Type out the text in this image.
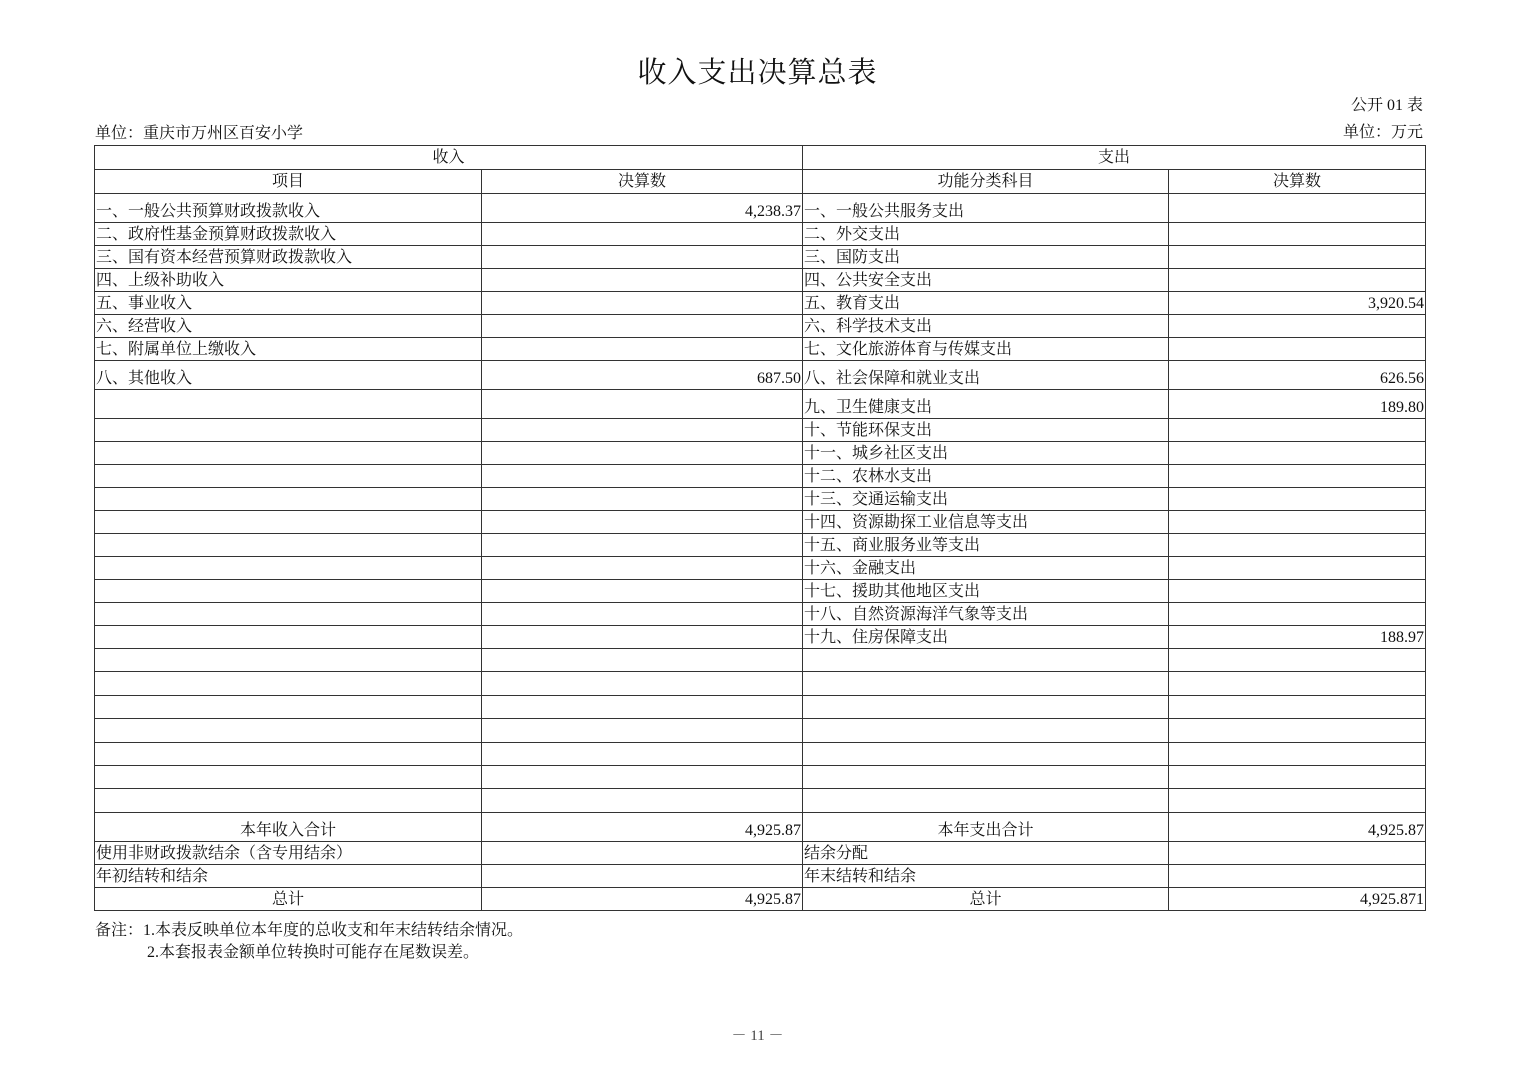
收入支出决算总表
公开 01 表
单位：重庆市万州区百安小学	单位：万元
收入		支出	
项目	决算数	功能分类科目	决算数
一、一般公共预算财政拨款收入	4,238.37	一、一般公共服务支出	
二、政府性基金预算财政拨款收入		二、外交支出	
三、国有资本经营预算财政拨款收入		三、国防支出	
四、上级补助收入		四、公共安全支出	
五、事业收入		五、教育支出	3,920.54
六、经营收入		六、科学技术支出	
七、附属单位上缴收入		七、文化旅游体育与传媒支出	
八、其他收入	687.50	八、社会保障和就业支出	626.56
		九、卫生健康支出	189.80
		十、节能环保支出	
		十一、城乡社区支出	
		十二、农林水支出	
		十三、交通运输支出	
		十四、资源勘探工业信息等支出	
		十五、商业服务业等支出	
		十六、金融支出	
		十七、援助其他地区支出	
		十八、自然资源海洋气象等支出	
		十九、住房保障支出	188.97

本年收入合计	4,925.87	本年支出合计	4,925.87
使用非财政拨款结余（含专用结余）		结余分配	
年初结转和结余		年末结转和结余	
总计	4,925.87	总计	4,925.871
备注：1.本表反映单位本年度的总收支和年末结转结余情况。
2.本套报表金额单位转换时可能存在尾数误差。
－ 11 －
